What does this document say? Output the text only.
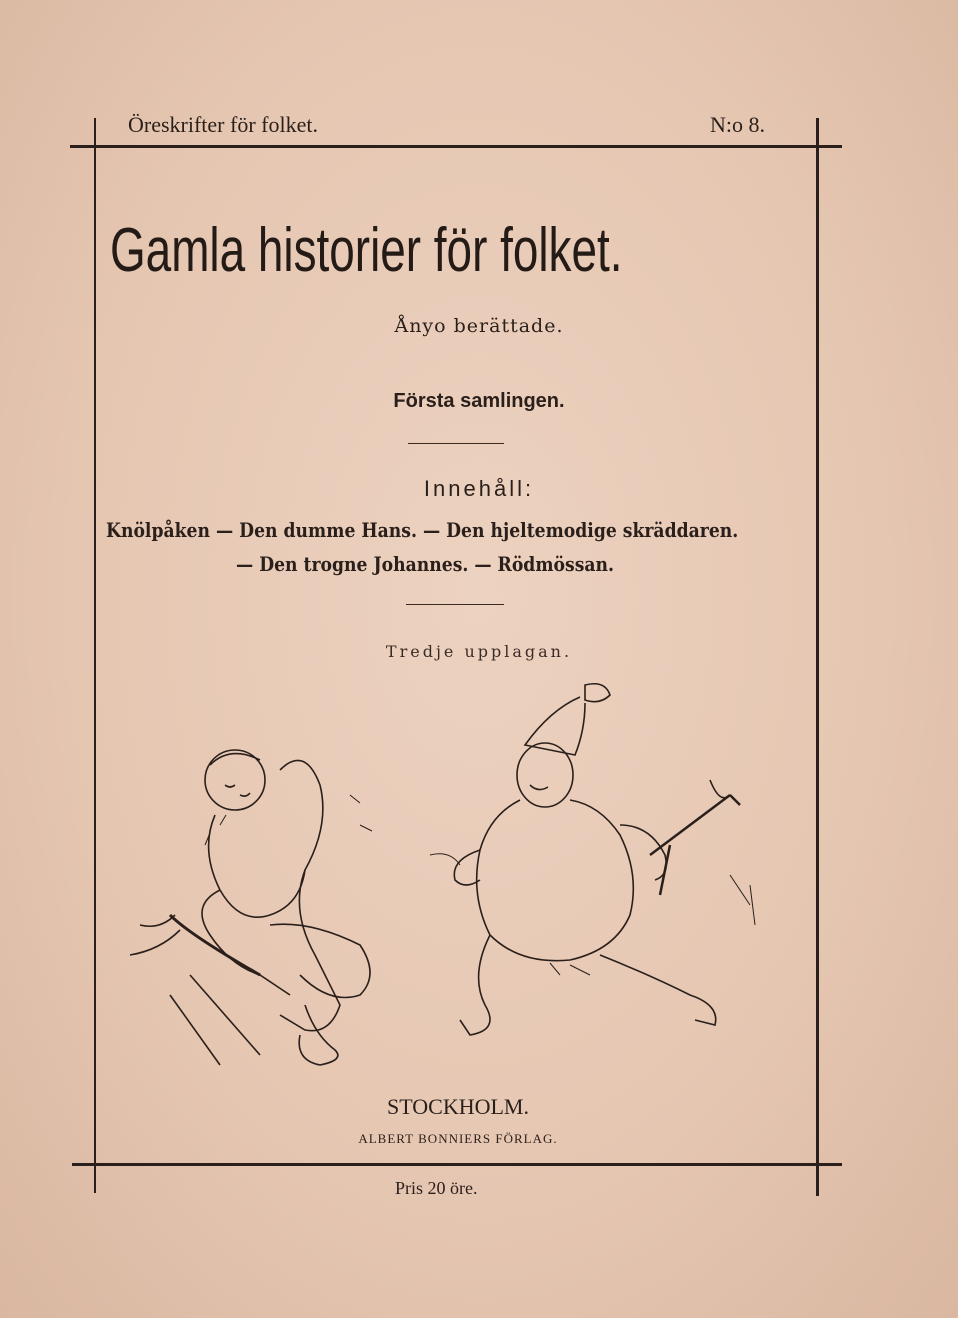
Öreskrifter för folket.	N:o 8.
Gamla historier för folket.
Ånyo berättade.
Första samlingen.
Innehåll:
Knölpåken — Den dumme Hans. — Den hjeltemodige skräddaren.
— Den trogne Johannes. — Rödmössan.
Tredje upplagan.
STOCKHOLM.
ALBERT BONNIERS FÖRLAG.
Pris 20 öre.
